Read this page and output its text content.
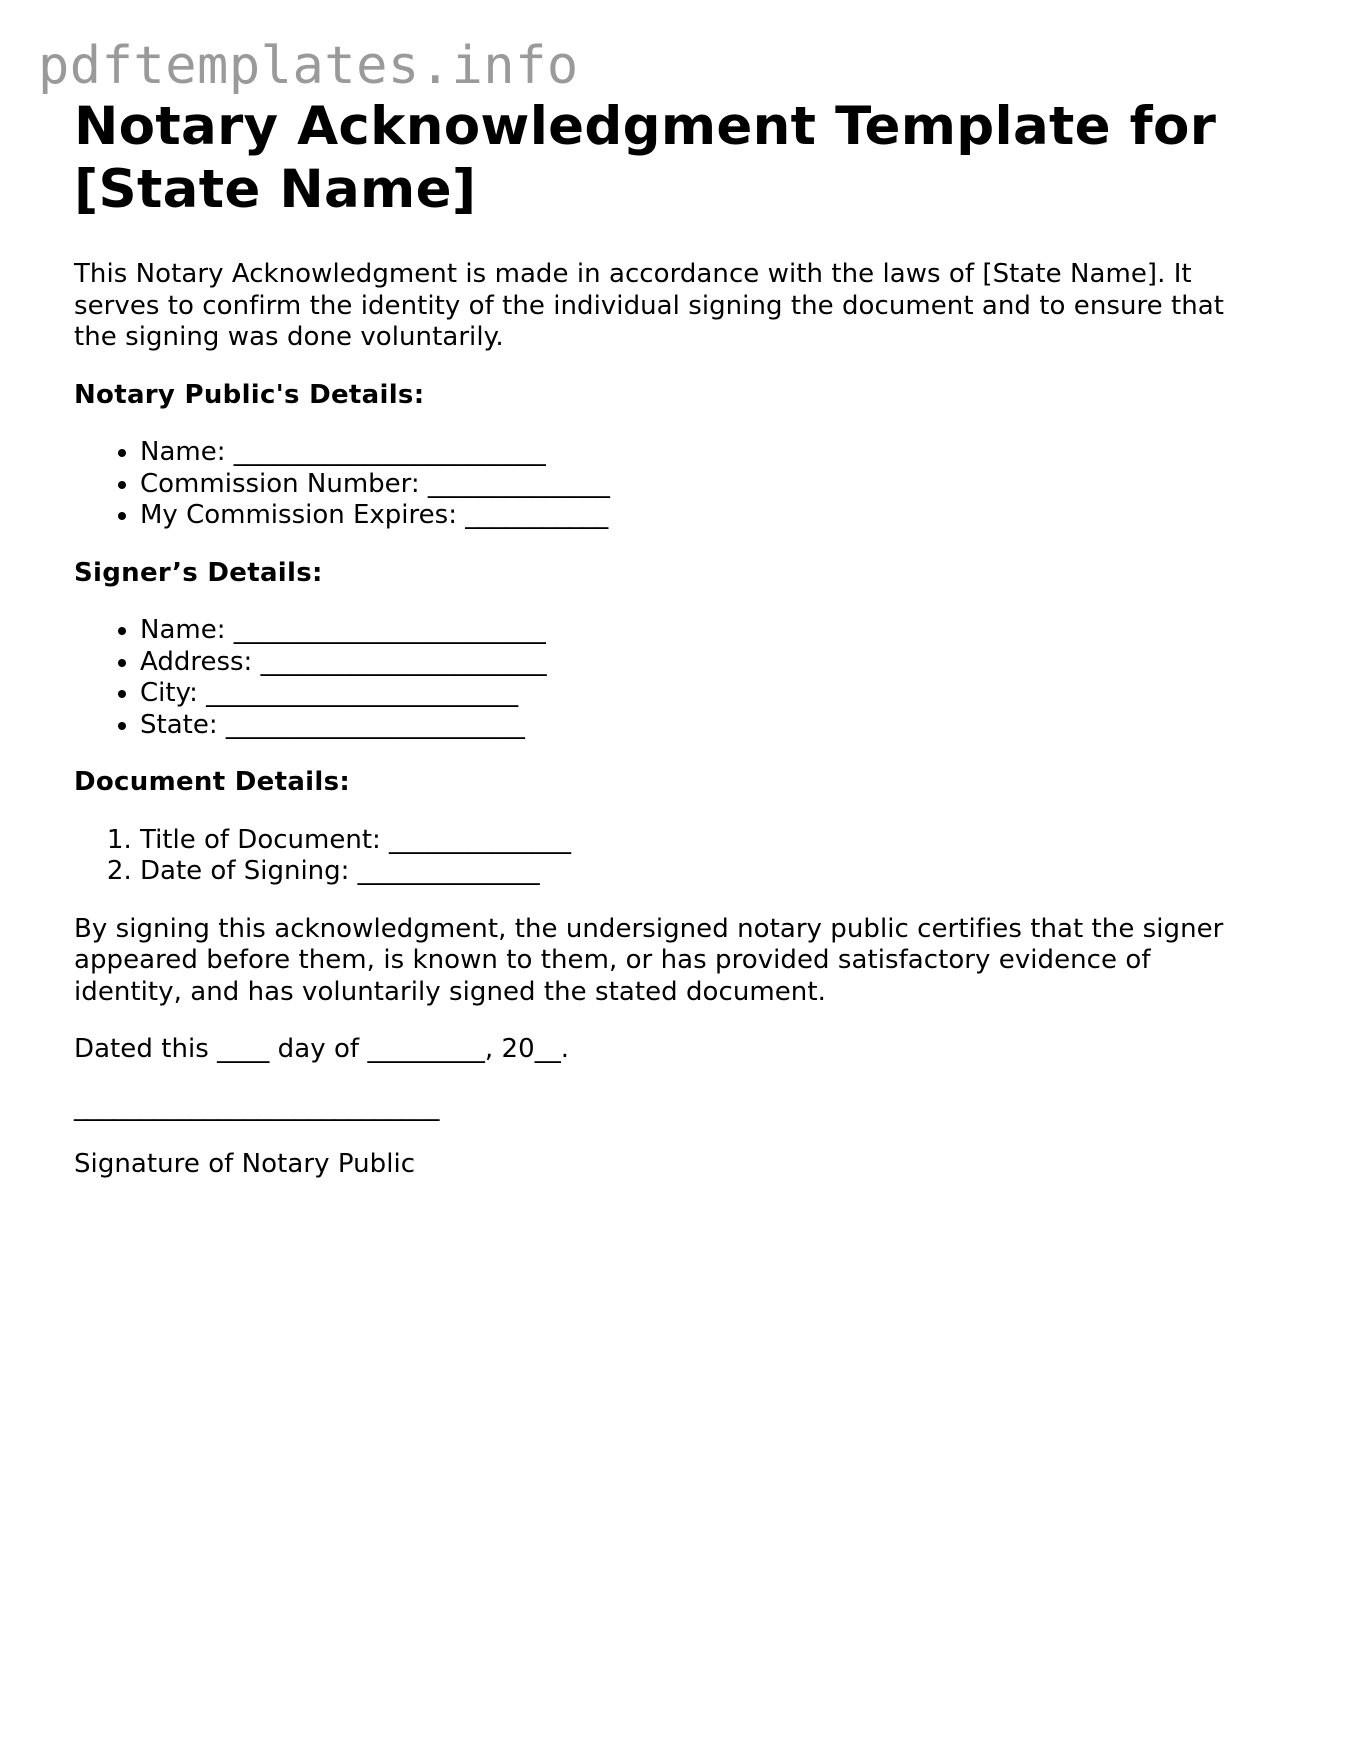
pdftemplates.info
Notary Acknowledgment Template for
[State Name]

This Notary Acknowledgment is made in accordance with the laws of [State Name]. It serves to confirm the identity of the individual signing the document and to ensure that the signing was done voluntarily.

Notary Public's Details:
• Name: ________________________
• Commission Number: ______________
• My Commission Expires: ___________
Signer’s Details:
• Name: ________________________
• Address: ______________________
• City: ________________________
• State: _______________________
Document Details:
1. Title of Document: ______________
2. Date of Signing: ______________

By signing this acknowledgment, the undersigned notary public certifies that the signer appeared before them, is known to them, or has provided satisfactory evidence of identity, and has voluntarily signed the stated document.

Dated this ____ day of _________, 20__.

____________________________

Signature of Notary Public
